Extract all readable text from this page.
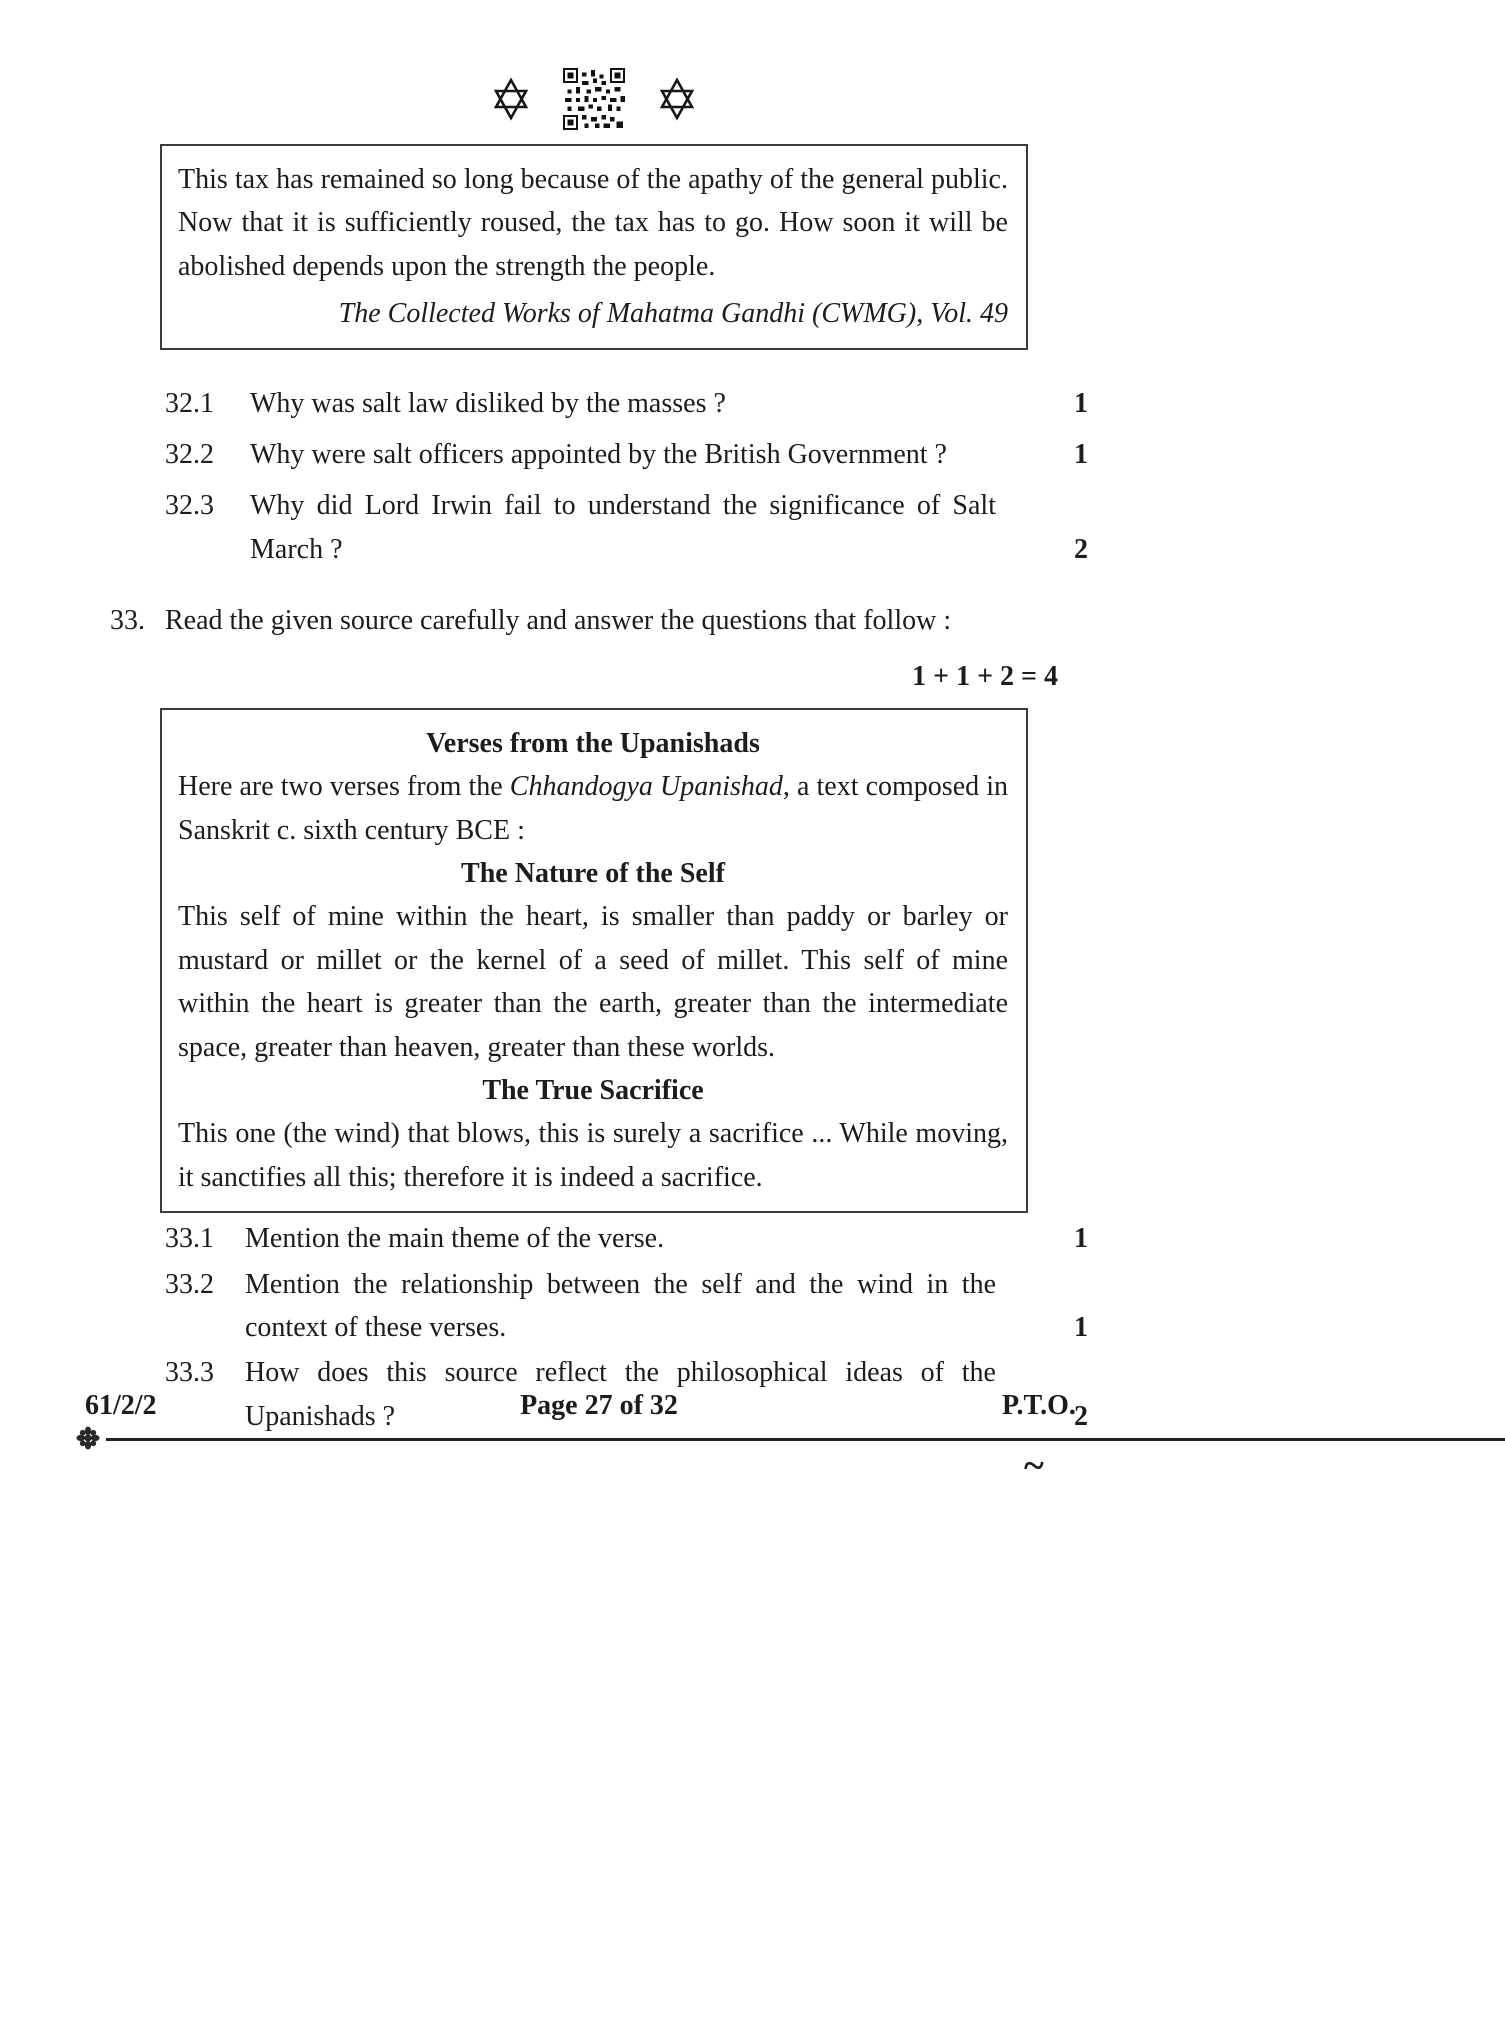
This tax has remained so long because of the apathy of the general public. Now that it is sufficiently roused, the tax has to go. How soon it will be abolished depends upon the strength the people.
The Collected Works of Mahatma Gandhi (CWMG), Vol. 49
32.1	Why was salt law disliked by the masses ?	1
32.2	Why were salt officers appointed by the British Government ?	1
32.3	Why did Lord Irwin fail to understand the significance of Salt March ?	2
33. Read the given source carefully and answer the questions that follow :
1 + 1 + 2 = 4
Verses from the Upanishads
Here are two verses from the Chhandogya Upanishad, a text composed in Sanskrit c. sixth century BCE :
The Nature of the Self
This self of mine within the heart, is smaller than paddy or barley or mustard or millet or the kernel of a seed of millet. This self of mine within the heart is greater than the earth, greater than the intermediate space, greater than heaven, greater than these worlds.
The True Sacrifice
This one (the wind) that blows, this is surely a sacrifice ... While moving, it sanctifies all this; therefore it is indeed a sacrifice.
33.1	Mention the main theme of the verse.	1
33.2	Mention the relationship between the self and the wind in the context of these verses.	1
33.3	How does this source reflect the philosophical ideas of the Upanishads ?	2
61/2/2	Page 27 of 32	P.T.O.
~
